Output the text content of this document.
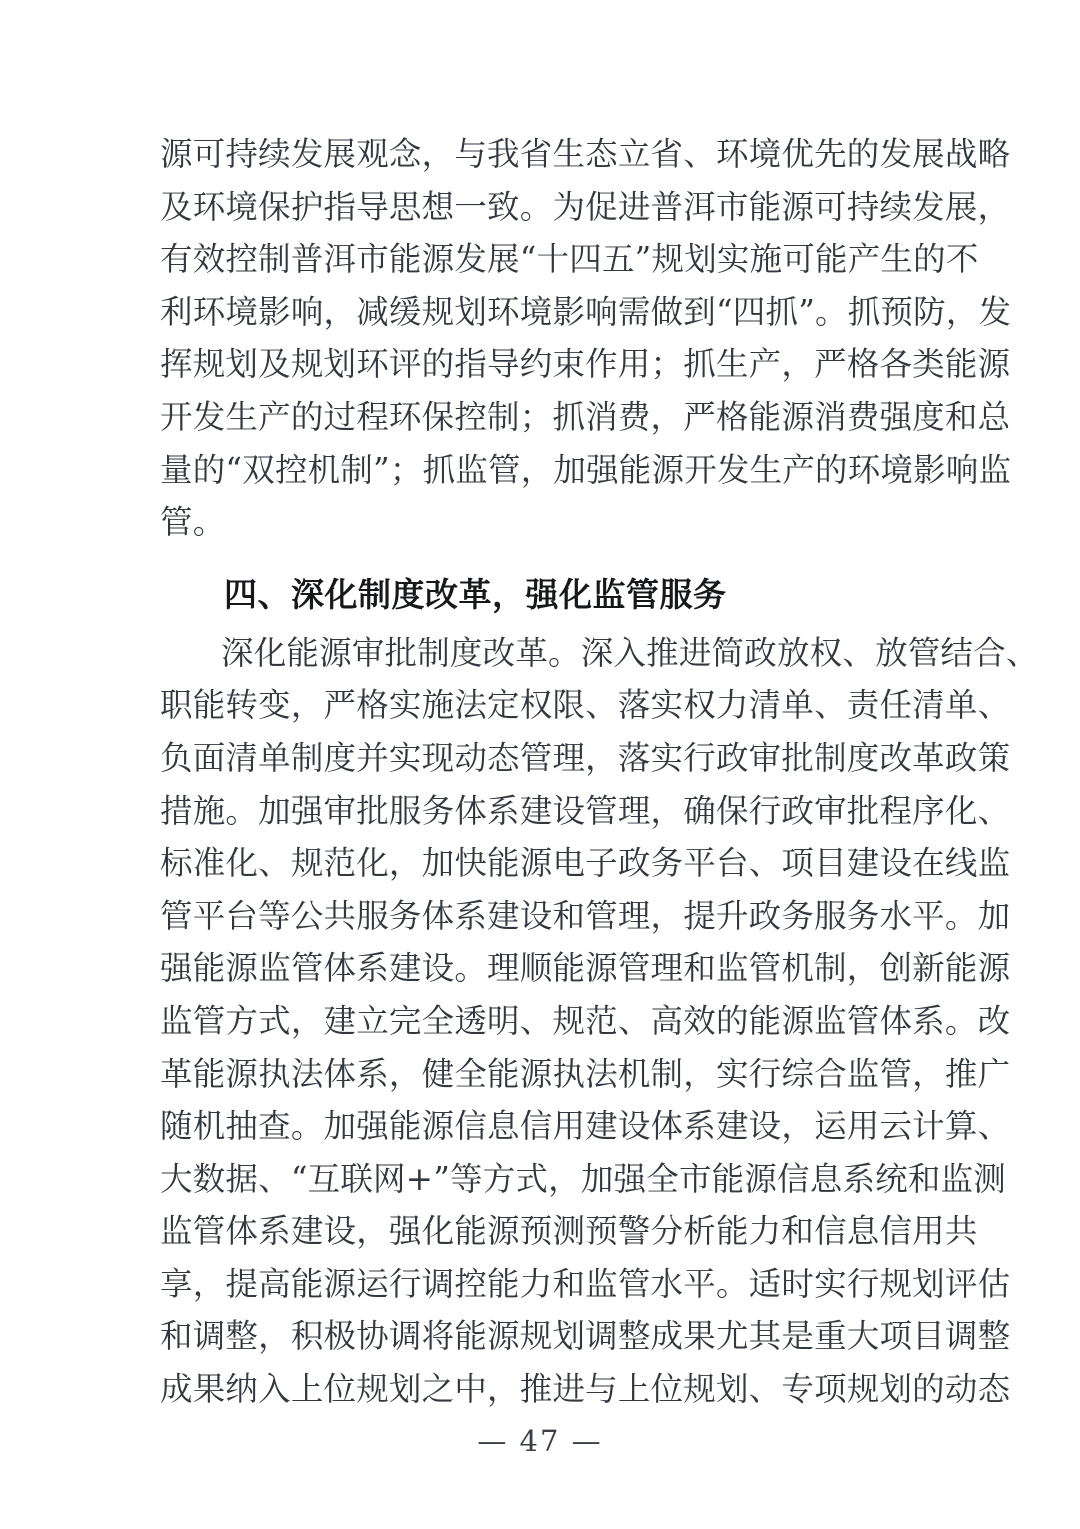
源 可 持 续 发 展 观 念 ， 与 我 省 生 态 立 省 、 环 境 优 先 的 发 展 战 略
及 环 境 保 护 指 导 思 想 一 致 。 为 促 进 普 洱 市 能 源 可 持 续 发 展 ，
有 效 控 制 普 洱 市 能 源 发 展 “ 十 四 五 ” 规 划 实 施 可 能 产 生 的 不
利 环 境 影 响 ， 减 缓 规 划 环 境 影 响 需 做 到 “ 四 抓 ” 。 抓 预 防 ， 发
挥 规 划 及 规 划 环 评 的 指 导 约 束 作 用 ； 抓 生 产 ， 严 格 各 类 能 源
开 发 生 产 的 过 程 环 保 控 制 ； 抓 消 费 ， 严 格 能 源 消 费 强 度 和 总
量 的 “ 双 控 机 制 ” ； 抓 监 管 ， 加 强 能 源 开 发 生 产 的 环 境 影 响 监
管。
四、深化制度改革，强化监管服务
深 化 能 源 审 批 制 度 改 革 。 深 入 推 进 简 政 放 权 、 放 管 结 合 、
职 能 转 变 ， 严 格 实 施 法 定 权 限 、 落 实 权 力 清 单 、 责 任 清 单 、
负 面 清 单 制 度 并 实 现 动 态 管 理 ， 落 实 行 政 审 批 制 度 改 革 政 策
措 施 。 加 强 审 批 服 务 体 系 建 设 管 理 ， 确 保 行 政 审 批 程 序 化 、
标 准 化 、 规 范 化 ， 加 快 能 源 电 子 政 务 平 台 、 项 目 建 设 在 线 监
管 平 台 等 公 共 服 务 体 系 建 设 和 管 理 ， 提 升 政 务 服 务 水 平 。 加
强 能 源 监 管 体 系 建 设 。 理 顺 能 源 管 理 和 监 管 机 制 ， 创 新 能 源
监 管 方 式 ， 建 立 完 全 透 明 、 规 范 、 高 效 的 能 源 监 管 体 系 。 改
革 能 源 执 法 体 系 ， 健 全 能 源 执 法 机 制 ， 实 行 综 合 监 管 ， 推 广
随 机 抽 查 。 加 强 能 源 信 息 信 用 建 设 体 系 建 设 ， 运 用 云 计 算 、
大 数 据 、 “ 互 联 网 + ” 等 方 式 ， 加 强 全 市 能 源 信 息 系 统 和 监 测
监 管 体 系 建 设 ， 强 化 能 源 预 测 预 警 分 析 能 力 和 信 息 信 用 共
享 ， 提 高 能 源 运 行 调 控 能 力 和 监 管 水 平 。 适 时 实 行 规 划 评 估
和 调 整 ， 积 极 协 调 将 能 源 规 划 调 整 成 果 尤 其 是 重 大 项 目 调 整
成 果 纳 入 上 位 规 划 之 中 ， 推 进 与 上 位 规 划 、 专 项 规 划 的 动 态
— 47 —
